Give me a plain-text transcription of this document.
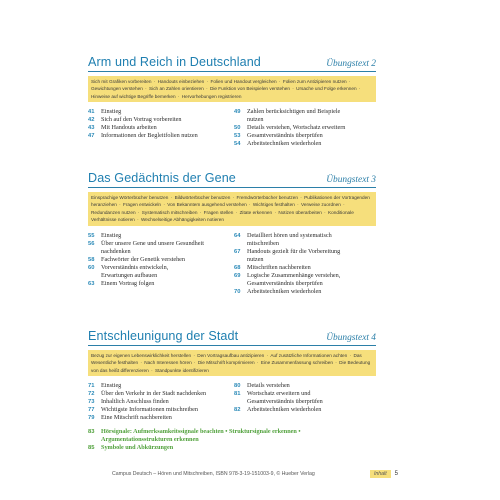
Arm und Reich in Deutschland	Übungstext 2
Sich mit Grafiken vorbereiten · Handouts einbeziehen · Folien und Handout vergleichen · Folien zum Antizipieren nutzen · Gewichtungen verstehen · Sich an Zahlen orientieren · Die Funktion von Beispielen verstehen · Ursache und Folge erkennen · Hinweise auf wichtige Begriffe bemerken · Hervorhebungen registrieren
41	Einstieg
42	Sich auf den Vortrag vorbereiten
43	Mit Handouts arbeiten
47	Informationen der Begleitfolien nutzen
49	Zahlen berücksichtigen und Beispiele
nutzen
50	Details verstehen, Wortschatz erweitern
53	Gesamtverständnis überprüfen
54	Arbeitstechniken wiederholen
Das Gedächtnis der Gene	Übungstext 3
Einsprachige Wörterbücher benutzen · Bildwörterbücher benutzen · Fremdwörterbücher benutzen · Publikationen der Vortragenden heranziehen · Fragen entwickeln · Von Bekanntem ausgehend verstehen · Wichtiges festhalten · Verweise zuordnen · Redundanzen nutzen · Systematisch mitschreiben · Fragen stellen · Zitate erkennen · Notizen überarbeiten · Konditionale Verhältnisse notieren · Wechselseitige Abhängigkeiten notieren
55	Einstieg
56	Über unsere Gene und unsere Gesundheit
nachdenken
58	Fachwörter der Genetik verstehen
60	Vorverständnis entwickeln,
Erwartungen aufbauen
63	Einem Vortrag folgen
64	Detailliert hören und systematisch
mitschreiben
67	Handouts gezielt für die Vorbereitung
nutzen
68	Mitschriften nachbereiten
69	Logische Zusammenhänge verstehen,
Gesamtverständnis überprüfen
70	Arbeitstechniken wiederholen
Entschleunigung der Stadt	Übungstext 4
Bezug zur eigenen Lebenswirklichkeit herstellen · Den Vortragsaufbau antizipieren · Auf zusätzliche Informationen achten · Das Wesentliche festhalten · Nach Interessen hören · Die Mitschrift komprimieren · Eine Zusammenfassung schreiben · Die Bedeutung von das heißt differenzieren · Standpunkte identifizieren
71	Einstieg
72	Über den Verkehr in der Stadt nachdenken
73	Inhaltlich Anschluss finden
77	Wichtigste Informationen mitschreiben
79	Eine Mitschrift nachbereiten
80	Details verstehen
81	Wortschatz erweitern und
Gesamtverständnis überprüfen
82	Arbeitstechniken wiederholen
83	Hörsignale: Aufmerksamkeitssignale beachten • Struktursignale erkennen •
Argumentationsstrukturen erkennen
85	Symbole und Abkürzungen
Campus Deutsch – Hören und Mitschreiben, ISBN 978-3-19-151003-9, © Hueber Verlag	Inhalt	5
